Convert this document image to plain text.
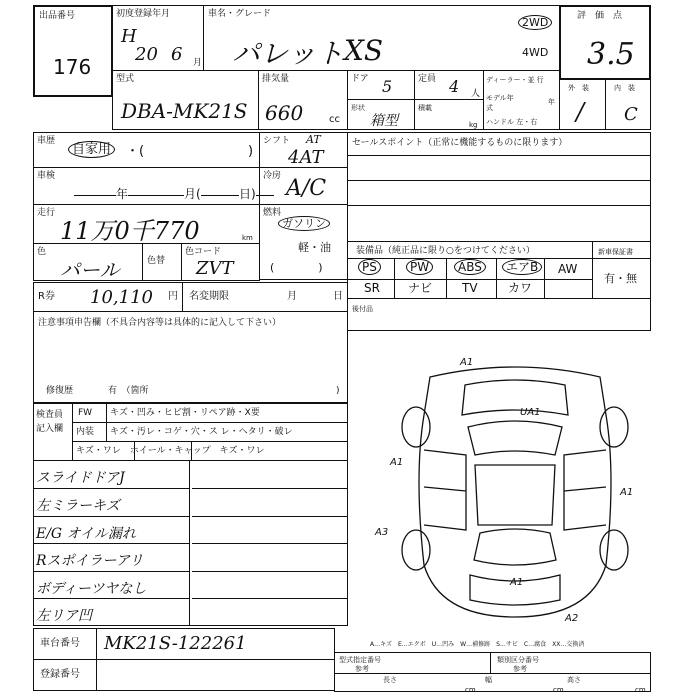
出品番号
176
初度登録年月
H
20 6 月
車名・グレード
パレット XS
2WD
4WD
評　価　点
3.5
型式
DBA-MK21S
排気量
660	cc
ドア 5	定員 4 人
ディーラー・並 行
モデル年式
年
ハンドル 左・右
形状
箱型
積載
kg
外　装
/
内　装
C
車歴
自家用	・(	)
シフト AT
4AT
車検
年	月(	日)
冷房 A/C
走行
11万0千770	km
燃料
ガソリン
軽・油
(　　　　)
色
パール	色替
色コード
ZVT
R券 10,110 円 名変期限	月	日
注意事項申告欄（不具合内容等は具体的に記入して下さい）
修復歴	有　（箇所	)
検査員
記入欄
FW キズ・凹み・ヒビ割・リペア跡・X要
内装 キズ・汚レ・コゲ・穴・ス レ・ヘタリ・破レ
キズ・ワレ　ホイール・キャップ　キズ・ワレ
スライドドアJ
左ミラーキズ
E/G オイル漏れ
Rスポイラーアリ
ボディーツヤなし
左リア凹
セールスポイント（正常に機能するものに限ります）
装備品（純正品に限り○をつけてください）
PS	PW	ABS	エアB	AW
SR ナビ TV	カワ
新車保証書
有・無
後付品
A1
UA1
A1
A1
A1
A2
A3
車台番号 MK21S-122261
登録番号
A…キズ　E…エクボ　U…凹み　W…補修跡　S…サビ　C…腐食　XX…交換済
型式指定番号
参考
類別区分番号
参考
長さ
cm
幅
cm
高さ
cm
